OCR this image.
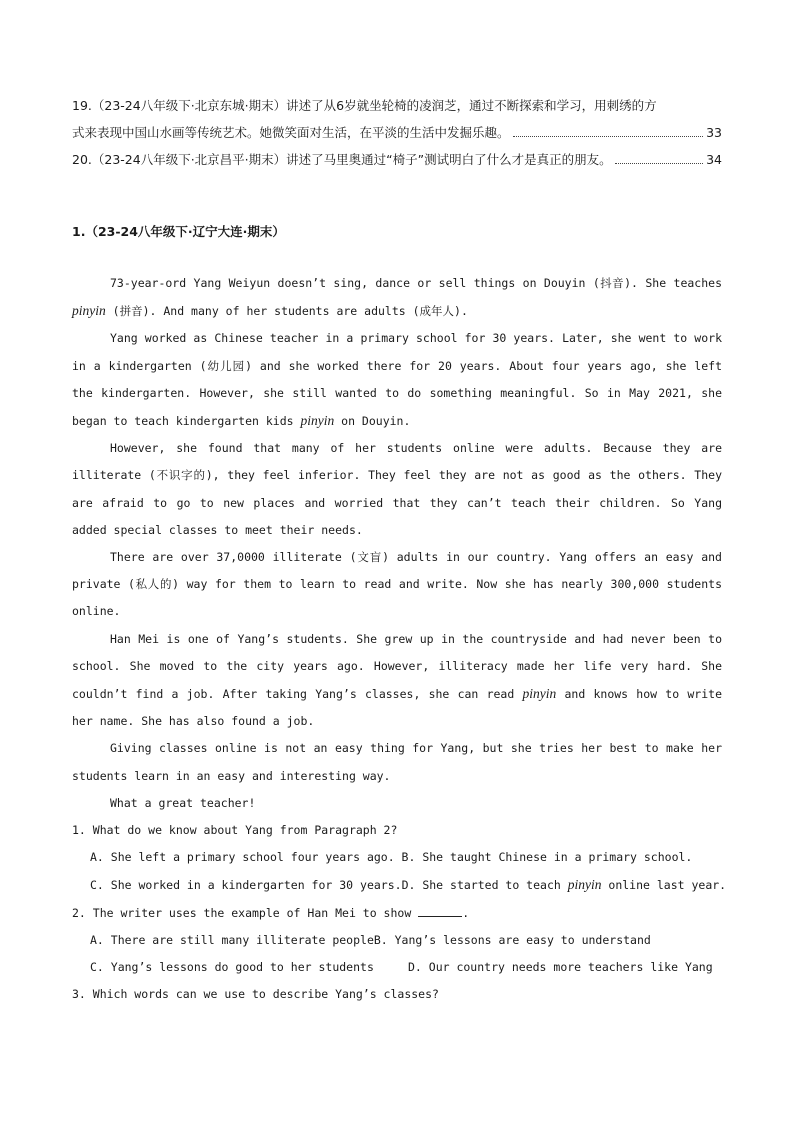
19.（23-24八年级下·北京东城·期末）讲述了从6岁就坐轮椅的凌润芝，通过不断探索和学习，用刺绣的方
式来表现中国山水画等传统艺术。她微笑面对生活，在平淡的生活中发掘乐趣。	33
20.（23-24八年级下·北京昌平·期末）讲述了马里奥通过“椅子”测试明白了什么才是真正的朋友。	34
1.（23-24八年级下·辽宁大连·期末）

73-year-ord Yang Weiyun doesn’t sing, dance or sell things on Douyin (抖音). She teaches pinyin (拼音). And many of her students are adults (成年人).

Yang worked as Chinese teacher in a primary school for 30 years. Later, she went to work in a kindergarten (幼儿园) and she worked there for 20 years. About four years ago, she left the kindergarten. However, she still wanted to do something meaningful. So in May 2021, she began to teach kindergarten kids pinyin on Douyin.

However, she found that many of her students online were adults. Because they are illiterate (不识字的), they feel inferior. They feel they are not as good as the others. They are afraid to go to new places and worried that they can’t teach their children. So Yang added special classes to meet their needs.

There are over 37,0000 illiterate (文盲) adults in our country. Yang offers an easy and private (私人的) way for them to learn to read and write. Now she has nearly 300,000 students online.

Han Mei is one of Yang’s students. She grew up in the countryside and had never been to school. She moved to the city years ago. However, illiteracy made her life very hard. She couldn’t find a job. After taking Yang’s classes, she can read pinyin and knows how to write her name. She has also found a job.

Giving classes online is not an easy thing for Yang, but she tries her best to make her students learn in an easy and interesting way.

What a great teacher!

1. What do we know about Yang from Paragraph 2?

A. She left a primary school four years ago. B. She taught Chinese in a primary school.

C. She worked in a kindergarten for 30 years.D. She started to teach pinyin online last year.

2. The writer uses the example of Han Mei to show	.

A. There are still many illiterate peopleB. Yang’s lessons are easy to understand

C. Yang’s lessons do good to her students	D. Our country needs more teachers like Yang

3. Which words can we use to describe Yang’s classes?
